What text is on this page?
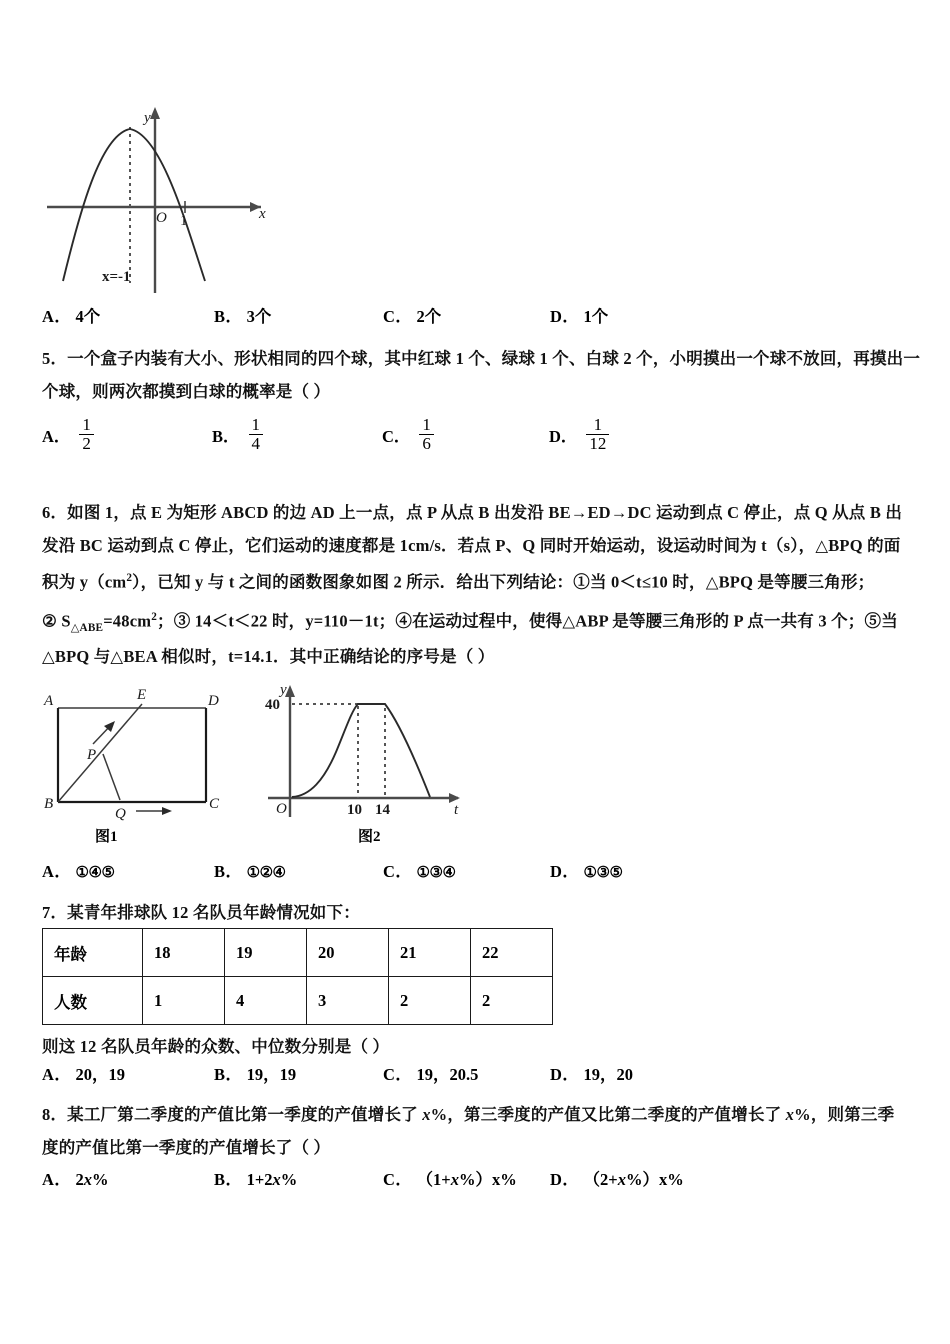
O 1	x
y
x=-1
A． 4个	B． 3个	C． 2个	D． 1个
5．一个盒子内装有大小、形状相同的四个球，其中红球 1 个、绿球 1 个、白球 2 个，小明摸出一个球不放回，再摸出一
个球，则两次都摸到白球的概率是（ ）
A． $\frac{1}{2}$	B． $\frac{1}{4}$	C． $\frac{1}{6}$	D． $\frac{1}{12}$
6．如图 1，点 E 为矩形 ABCD 的边 AD 上一点，点 P 从点 B 出发沿 BE→ED→DC 运动到点 C 停止，点 Q 从点 B 出
发沿 BC 运动到点 C 停止，它们运动的速度都是 1cm/s．若点 P、Q 同时开始运动，设运动时间为 t（s），△BPQ 的面
积为 $y(cm^2)$，已知 y 与 t 之间的函数图象如图 2 所示．给出下列结论：①当 0＜t≤10 时，△BPQ 是等腰三角形；
② $S_{\triangle ABE}=48cm^2$；③ 14＜t＜22 时，y=110－1t；④在运动过程中，使得△ABP 是等腰三角形的 P 点一共有 3 个；⑤当
△BPQ 与△BEA 相似时，t=14.1．其中正确结论的序号是（ ）
A	D
B	C
E
P
Q
图1
40
O	10 14	t
y
图2
A． ①④⑤	B． ①②④	C． ①③④	D． ①③⑤
7．某青年排球队 12 名队员年龄情况如下：
年龄	18	19	20	21	22
人数	1	4	3	2	2
则这 12 名队员年龄的众数、中位数分别是（ ）
A． 20，19	B． 19，19	C． 19，20.5	D． 19，20
8．某工厂第二季度的产值比第一季度的产值增长了 x%，第三季度的产值又比第二季度的产值增长了 x%，则第三季
度的产值比第一季度的产值增长了（ ）
A． 2x%	B． 1+2x%	C． （1+x%）x% D． （2+x%）x%
